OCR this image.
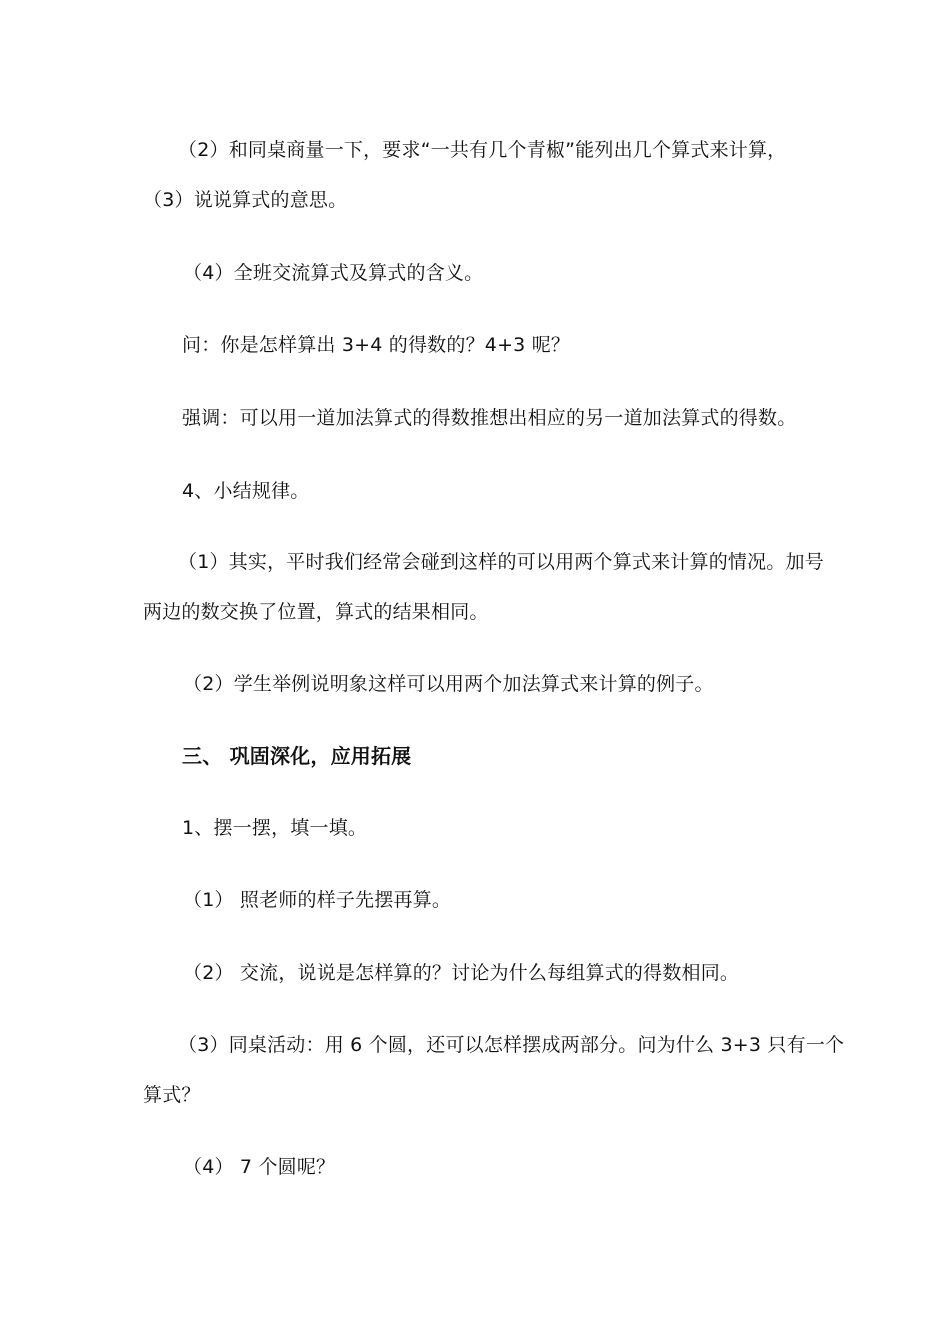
（2）和同桌商量一下，要求“一共有几个青椒”能列出几个算式来计算，
（3）说说算式的意思。
（4）全班交流算式及算式的含义。
问：你是怎样算出 3+4 的得数的？4+3 呢？
强调：可以用一道加法算式的得数推想出相应的另一道加法算式的得数。
4、小结规律。
（1）其实，平时我们经常会碰到这样的可以用两个算式来计算的情况。加号
两边的数交换了位置，算式的结果相同。
（2）学生举例说明象这样可以用两个加法算式来计算的例子。
三、 巩固深化，应用拓展
1、摆一摆，填一填。
（1） 照老师的样子先摆再算。
（2） 交流，说说是怎样算的？讨论为什么每组算式的得数相同。
（3）同桌活动：用 6 个圆，还可以怎样摆成两部分。问为什么 3+3 只有一个
算式？
（4） 7 个圆呢？
